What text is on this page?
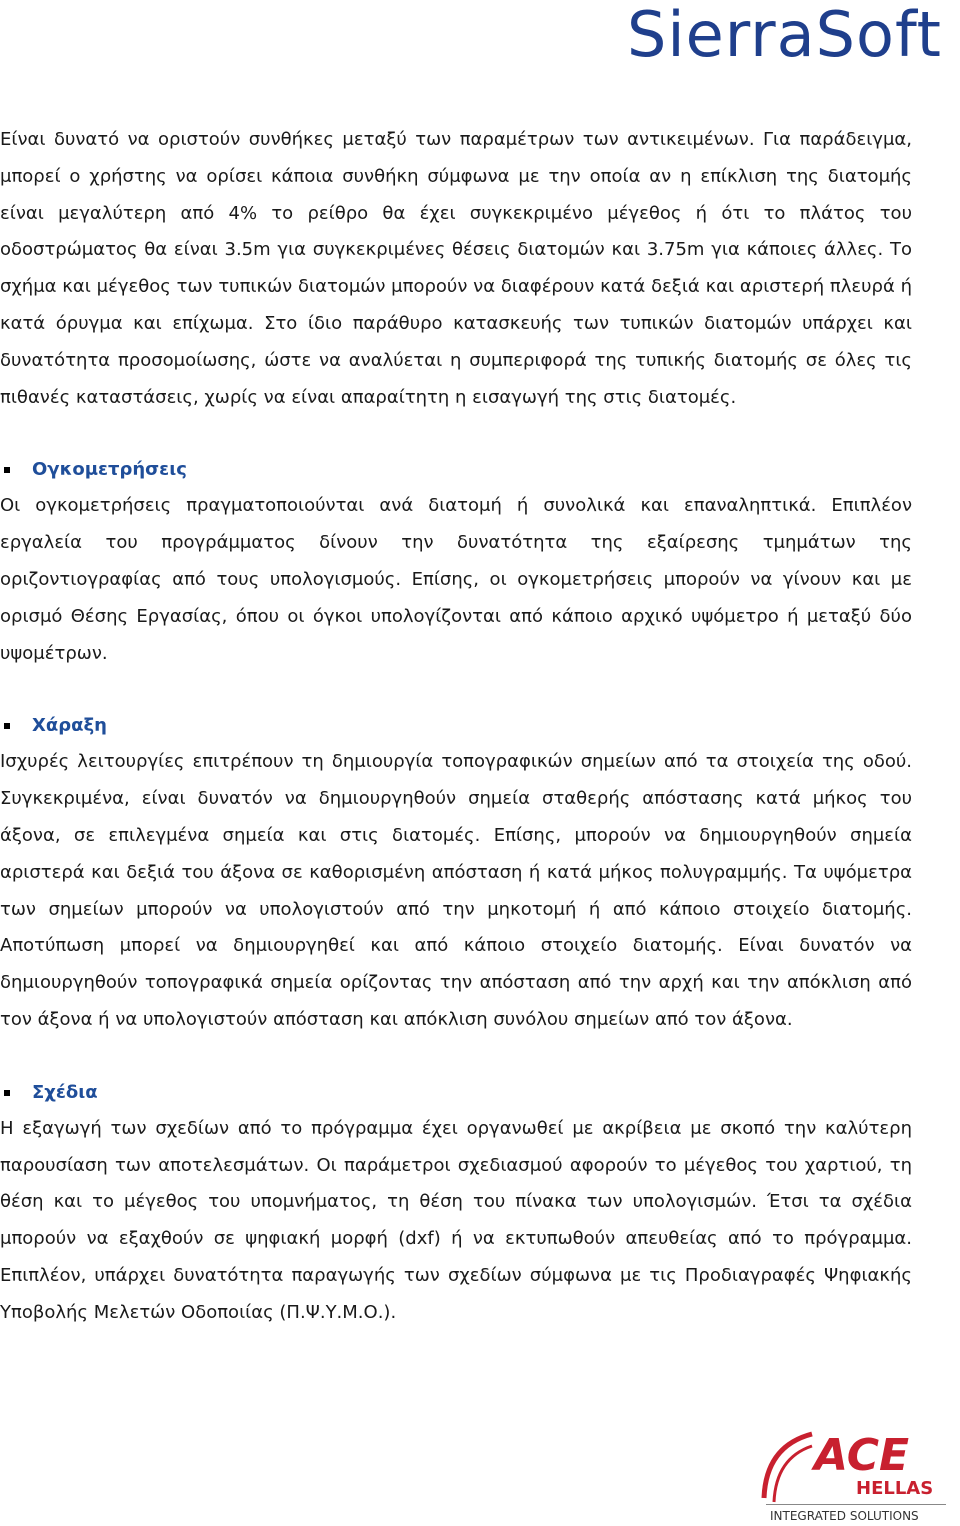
SierraSoft

Είναι δυνατό να οριστούν συνθήκες μεταξύ των παραμέτρων των αντικειμένων. Για παράδειγμα, μπορεί ο χρήστης να ορίσει κάποια συνθήκη σύμφωνα με την οποία αν η επίκλιση της διατομής είναι μεγαλύτερη από 4% το ρείθρο θα έχει συγκεκριμένο μέγεθος ή ότι το πλάτος του οδοστρώματος θα είναι 3.5m για συγκεκριμένες θέσεις διατομών και 3.75m για κάποιες άλλες. Το σχήμα και μέγεθος των τυπικών διατομών μπορούν να διαφέρουν κατά δεξιά και αριστερή πλευρά ή κατά όρυγμα και επίχωμα. Στο ίδιο παράθυρο κατασκευής των τυπικών διατομών υπάρχει και δυνατότητα προσομοίωσης, ώστε να αναλύεται η συμπεριφορά της τυπικής διατομής σε όλες τις πιθανές καταστάσεις, χωρίς να είναι απαραίτητη η εισαγωγή της στις διατομές.

Ογκομετρήσεις

Οι ογκομετρήσεις πραγματοποιούνται ανά διατομή ή συνολικά και επαναληπτικά. Επιπλέον εργαλεία του προγράμματος δίνουν την δυνατότητα της εξαίρεσης τμημάτων της οριζοντιογραφίας από τους υπολογισμούς. Επίσης, οι ογκομετρήσεις μπορούν να γίνουν και με ορισμό Θέσης Εργασίας, όπου οι όγκοι υπολογίζονται από κάποιο αρχικό υψόμετρο ή μεταξύ δύο υψομέτρων.

Χάραξη

Ισχυρές λειτουργίες επιτρέπουν τη δημιουργία τοπογραφικών σημείων από τα στοιχεία της οδού. Συγκεκριμένα, είναι δυνατόν να δημιουργηθούν σημεία σταθερής απόστασης κατά μήκος του άξονα, σε επιλεγμένα σημεία και στις διατομές. Επίσης, μπορούν να δημιουργηθούν σημεία αριστερά και δεξιά του άξονα σε καθορισμένη απόσταση ή κατά μήκος πολυγραμμής. Τα υψόμετρα των σημείων μπορούν να υπολογιστούν από την μηκοτομή ή από κάποιο στοιχείο διατομής. Αποτύπωση μπορεί να δημιουργηθεί και από κάποιο στοιχείο διατομής. Είναι δυνατόν να δημιουργηθούν τοπογραφικά σημεία ορίζοντας την απόσταση από την αρχή και την απόκλιση από τον άξονα ή να υπολογιστούν απόσταση και απόκλιση συνόλου σημείων από τον άξονα.

Σχέδια

Η εξαγωγή των σχεδίων από το πρόγραμμα έχει οργανωθεί με ακρίβεια με σκοπό την καλύτερη παρουσίαση των αποτελεσμάτων. Οι παράμετροι σχεδιασμού αφορούν το μέγεθος του χαρτιού, τη θέση και το μέγεθος του υπομνήματος, τη θέση του πίνακα των υπολογισμών. Έτσι τα σχέδια μπορούν να εξαχθούν σε ψηφιακή μορφή (dxf) ή να εκτυπωθούν απευθείας από το πρόγραμμα. Επιπλέον, υπάρχει δυνατότητα παραγωγής των σχεδίων σύμφωνα με τις Προδιαγραφές Ψηφιακής Υποβολής Μελετών Οδοποιίας (Π.Ψ.Υ.Μ.Ο.).

ACE
HELLAS
INTEGRATED SOLUTIONS
